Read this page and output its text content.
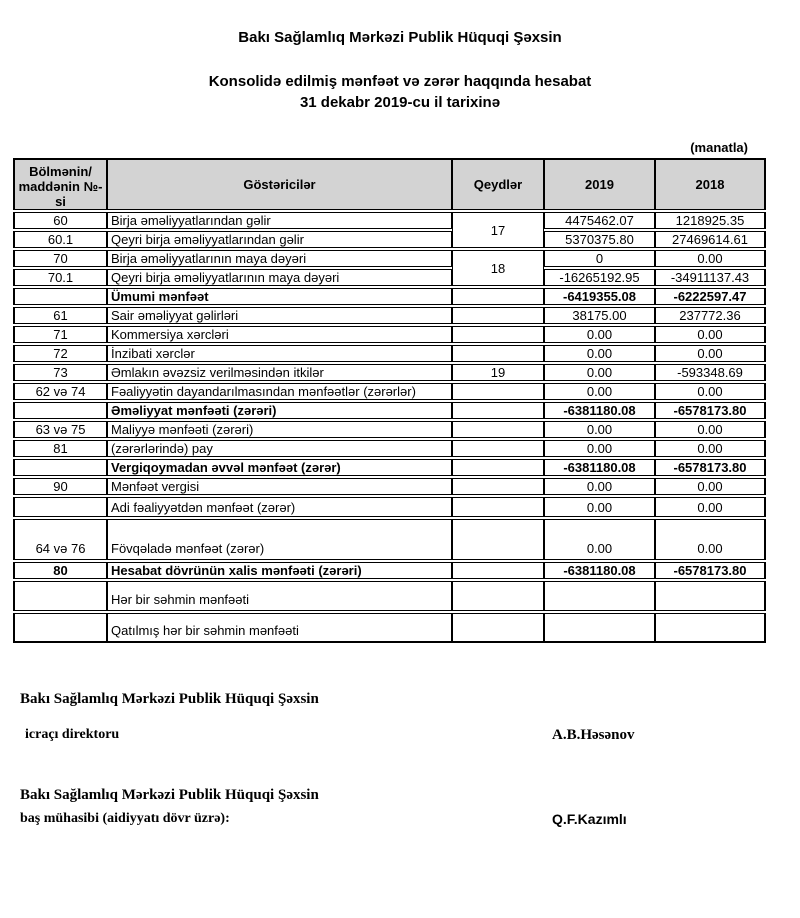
Bakı Sağlamlıq Mərkəzi Publik Hüquqi Şəxsin
Konsolidə edilmiş mənfəət və zərər haqqında hesabat
31 dekabr 2019-cu il tarixinə
(manatla)
Bölmənin/
maddənin №-
si	Göstəricilər	Qeydlər	2019	2018
60	Birja əməliyyatlarından gəlir	17	4475462.07	1218925.35
60.1	Qeyri birja əməliyyatlarından gəlir		5370375.80	27469614.61
70	Birja əməliyyatlarının maya dəyəri	18	0	0.00
70.1	Qeyri birja əməliyyatlarının maya dəyəri		-16265192.95	-34911137.43
	Ümumi mənfəət		-6419355.08	-6222597.47
61	Sair əməliyyat gəlirləri		38175.00	237772.36
71	Kommersiya xərcləri		0.00	0.00
72	İnzibati xərclər		0.00	0.00
73	Əmlakın əvəzsiz verilməsindən itkilər	19	0.00	-593348.69
62 və 74	Fəaliyyətin dayandarılmasından mənfəətlər (zərərlər)		0.00	0.00
	Əməliyyat mənfəəti (zərəri)		-6381180.08	-6578173.80
63 və 75	Maliyyə mənfəəti (zərəri)		0.00	0.00
81	(zərərlərində) pay		0.00	0.00
	Vergiqoymadan əvvəl mənfəət (zərər)		-6381180.08	-6578173.80
90	Mənfəət vergisi		0.00	0.00
	Adi fəaliyyətdən mənfəət (zərər)		0.00	0.00
64 və 76	Fövqəladə mənfəət (zərər)		0.00	0.00
80	Hesabat dövrünün xalis mənfəəti (zərəri)		-6381180.08	-6578173.80
	Hər bir səhmin mənfəəti			
	Qatılmış hər bir səhmin mənfəəti			
Bakı Sağlamlıq Mərkəzi Publik Hüquqi Şəxsin
icraçı direktoru	A.B.Həsənov
Bakı Sağlamlıq Mərkəzi Publik Hüquqi Şəxsin
baş mühasibi (aidiyyatı dövr üzrə):	Q.F.Kazımlı
